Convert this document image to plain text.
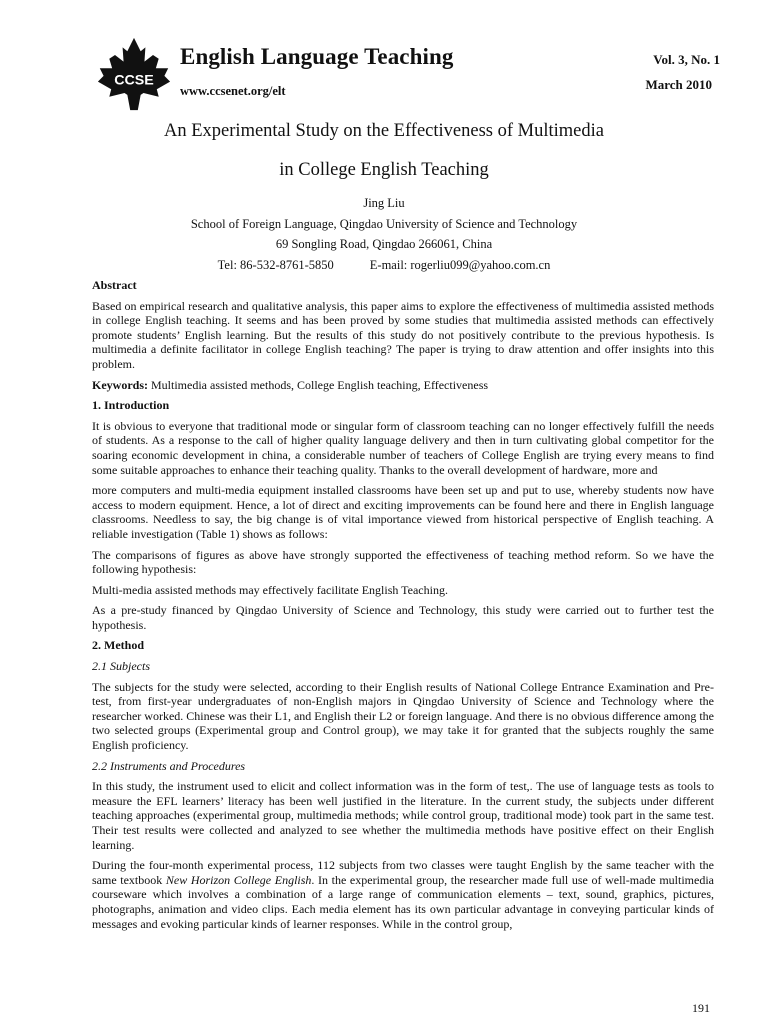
CCSE
English Language Teaching
www.ccsenet.org/elt
Vol. 3, No. 1
March 2010
An Experimental Study on the Effectiveness of Multimedia
in College English Teaching
Jing Liu
School of Foreign Language, Qingdao University of Science and Technology
69 Songling Road, Qingdao 266061, China
Tel: 86-532-8761-5850	E-mail: rogerliu099@yahoo.com.cn
Abstract

Based on empirical research and qualitative analysis, this paper aims to explore the effectiveness of multimedia assisted methods in college English teaching. It seems and has been proved by some studies that multimedia assisted methods can effectively promote students’ English learning. But the results of this study do not positively contribute to the previous hypothesis. Is multimedia a definite facilitator in college English teaching? The paper is trying to draw attention and offer insights into this problem.

Keywords: Multimedia assisted methods, College English teaching, Effectiveness

1. Introduction

It is obvious to everyone that traditional mode or singular form of classroom teaching can no longer effectively fulfill the needs of students. As a response to the call of higher quality language delivery and then in turn cultivating global competitor for the soaring economic development in china, a considerable number of teachers of College English are trying every means to find some suitable approaches to enhance their teaching quality. Thanks to the overall development of hardware, more and

more computers and multi-media equipment installed classrooms have been set up and put to use, whereby students now have access to modern equipment. Hence, a lot of direct and exciting improvements can be found here and there in English language classrooms. Needless to say, the big change is of vital importance viewed from historical perspective of English teaching. A reliable investigation (Table 1) shows as follows:

The comparisons of figures as above have strongly supported the effectiveness of teaching method reform. So we have the following hypothesis:

Multi-media assisted methods may effectively facilitate English Teaching.

As a pre-study financed by Qingdao University of Science and Technology, this study were carried out to further test the hypothesis.

2. Method
2.1 Subjects

The subjects for the study were selected, according to their English results of National College Entrance Examination and Pre-test, from first-year undergraduates of non-English majors in Qingdao University of Science and Technology where the researcher worked. Chinese was their L1, and English their L2 or foreign language. And there is no obvious difference among the two selected groups (Experimental group and Control group), we may take it for granted that the subjects roughly the same English proficiency.

2.2 Instruments and Procedures

In this study, the instrument used to elicit and collect information was in the form of test,. The use of language tests as tools to measure the EFL learners’ literacy has been well justified in the literature. In the current study, the subjects under different teaching approaches (experimental group, multimedia methods; while control group, traditional mode) took part in the same test. Their test results were collected and analyzed to see whether the multimedia methods have positive effect on their English learning.

During the four-month experimental process, 112 subjects from two classes were taught English by the same teacher with the same textbook New Horizon College English. In the experimental group, the researcher made full use of well-made multimedia courseware which involves a combination of a large range of communication elements – text, sound, graphics, pictures, photographs, animation and video clips. Each media element has its own particular advantage in conveying particular kinds of messages and evoking particular kinds of learner responses. While in the control group,

191
